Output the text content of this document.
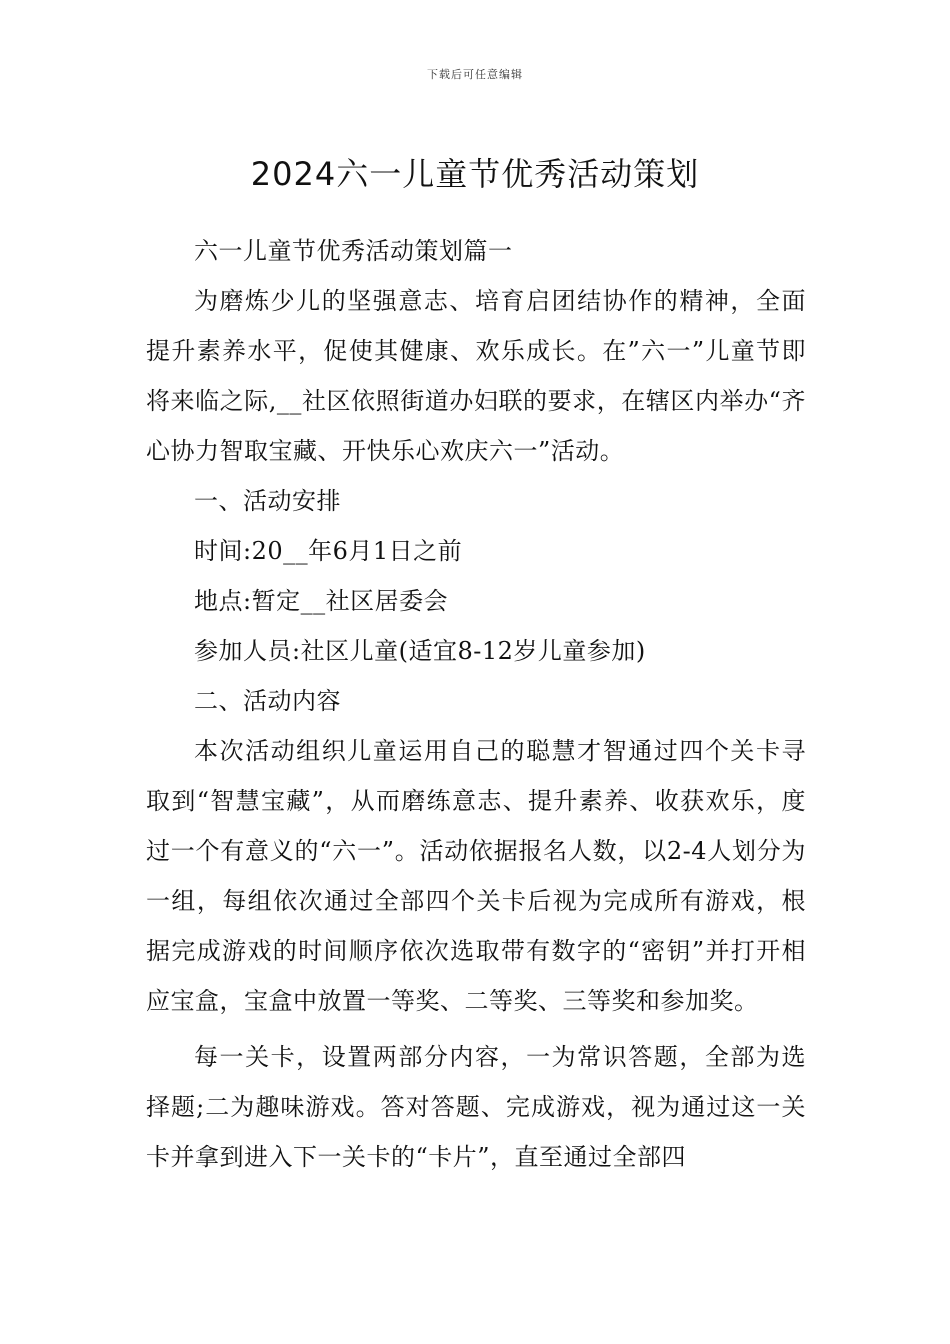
下载后可任意编辑
2024六一儿童节优秀活动策划

六一儿童节优秀活动策划篇一

为磨炼少儿的坚强意志、培育启团结协作的精神，全面提升素养水平，促使其健康、欢乐成长。在”六一”儿童节即将来临之际,__社区依照街道办妇联的要求，在辖区内举办“齐心协力智取宝藏、开快乐心欢庆六一”活动。

一、活动安排

时间:20__年6月1日之前

地点:暂定__社区居委会

参加人员:社区儿童(适宜8-12岁儿童参加)

二、活动内容

本次活动组织儿童运用自己的聪慧才智通过四个关卡寻取到“智慧宝藏”，从而磨练意志、提升素养、收获欢乐，度过一个有意义的“六一”。活动依据报名人数，以2-4人划分为一组，每组依次通过全部四个关卡后视为完成所有游戏，根据完成游戏的时间顺序依次选取带有数字的“密钥”并打开相应宝盒，宝盒中放置一等奖、二等奖、三等奖和参加奖。

每一关卡，设置两部分内容，一为常识答题，全部为选择题;二为趣味游戏。答对答题、完成游戏，视为通过这一关卡并拿到进入下一关卡的“卡片”，直至通过全部四
